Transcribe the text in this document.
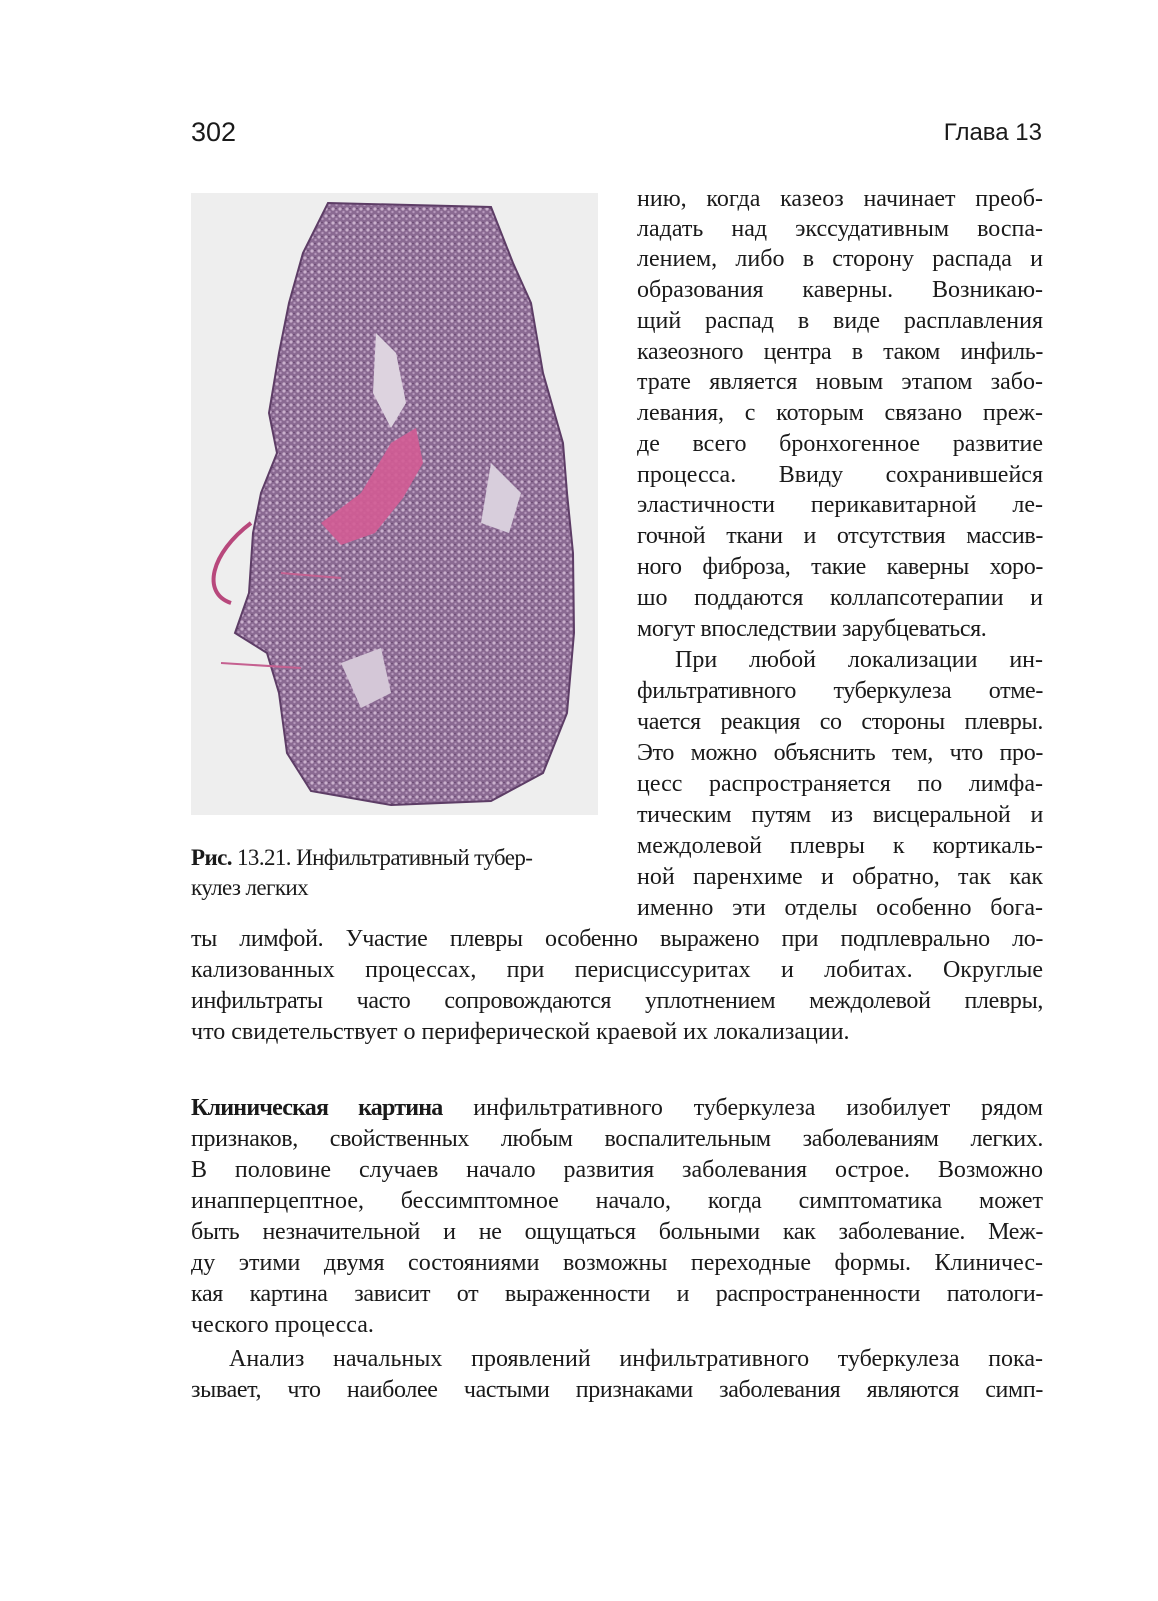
302	Глава 13
Рис. 13.21. Инфильтративный тубер-
кулез легких
нию, когда казеоз начинает преоб-
ладать над экссудативным воспа-
лением, либо в сторону распада и
образования каверны. Возникаю-
щий распад в виде расплавления
казеозного центра в таком инфиль-
трате является новым этапом забо-
левания, с которым связано преж-
де всего бронхогенное развитие
процесса. Ввиду сохранившейся
эластичности перикавитарной ле-
гочной ткани и отсутствия массив-
ного фиброза, такие каверны хоро-
шо поддаются коллапсотерапии и
могут впоследствии зарубцеваться.
При любой локализации ин-
фильтративного туберкулеза отме-
чается реакция со стороны плевры.
Это можно объяснить тем, что про-
цесс распространяется по лимфа-
тическим путям из висцеральной и
междолевой плевры к кортикаль-
ной паренхиме и обратно, так как
именно эти отделы особенно бога-
ты лимфой. Участие плевры особенно выражено при подплеврально ло-
кализованных процессах, при перисциссуритах и лобитах. Округлые
инфильтраты часто сопровождаются уплотнением междолевой плевры,
что свидетельствует о периферической краевой их локализации.
Клиническая картина инфильтративного туберкулеза изобилует рядом
признаков, свойственных любым воспалительным заболеваниям легких.
В половине случаев начало развития заболевания острое. Возможно
инапперцептное, бессимптомное начало, когда симптоматика может
быть незначительной и не ощущаться больными как заболевание. Меж-
ду этими двумя состояниями возможны переходные формы. Клиничес-
кая картина зависит от выраженности и распространенности патологи-
ческого процесса.
Анализ начальных проявлений инфильтративного туберкулеза пока-
зывает, что наиболее частыми признаками заболевания являются симп-
